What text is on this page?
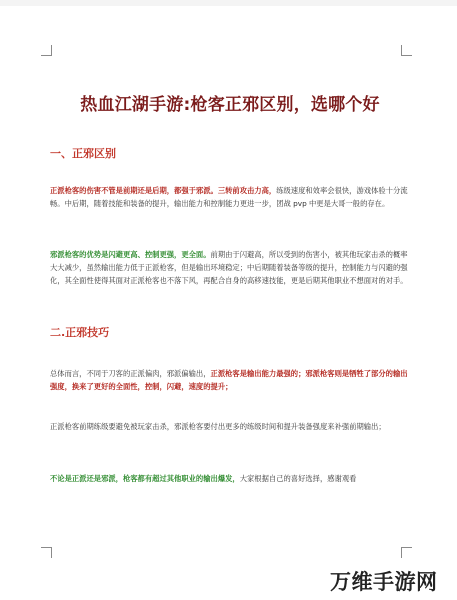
热血江湖手游:枪客正邪区别，选哪个好
一、正邪区别
正派枪客的伤害不管是前期还是后期，都强于邪派。三转前攻击力高，练级速度和效率会很快，游戏体验十分流畅。中后期，随着技能和装备的提升，输出能力和控制能力更进一步，团战 pvp 中更是大哥一般的存在。
邪派枪客的优势是闪避更高、控制更强，更全面。前期由于闪避高，所以受到的伤害小，被其他玩家击杀的概率大大减少，虽然输出能力低于正派枪客，但是输出环境稳定；中后期随着装备等级的提升，控制能力与闪避的强化，其全面性使得其面对正派枪客也不落下风，再配合自身的高移速技能，更是后期其他职业不想面对的对手。
二.正邪技巧
总体而言，不同于刀客的正派偏肉，邪派偏输出，正派枪客是输出能力最强的；邪派枪客则是牺牲了部分的输出强度，换来了更好的全面性，控制，闪避，速度的提升；
正派枪客前期练级要避免被玩家击杀，邪派枪客要付出更多的练级时间和提升装备强度来补强前期输出；
不论是正派还是邪派，枪客都有超过其他职业的输出爆发，大家根据自己的喜好选择，感谢观看
万维手游网
